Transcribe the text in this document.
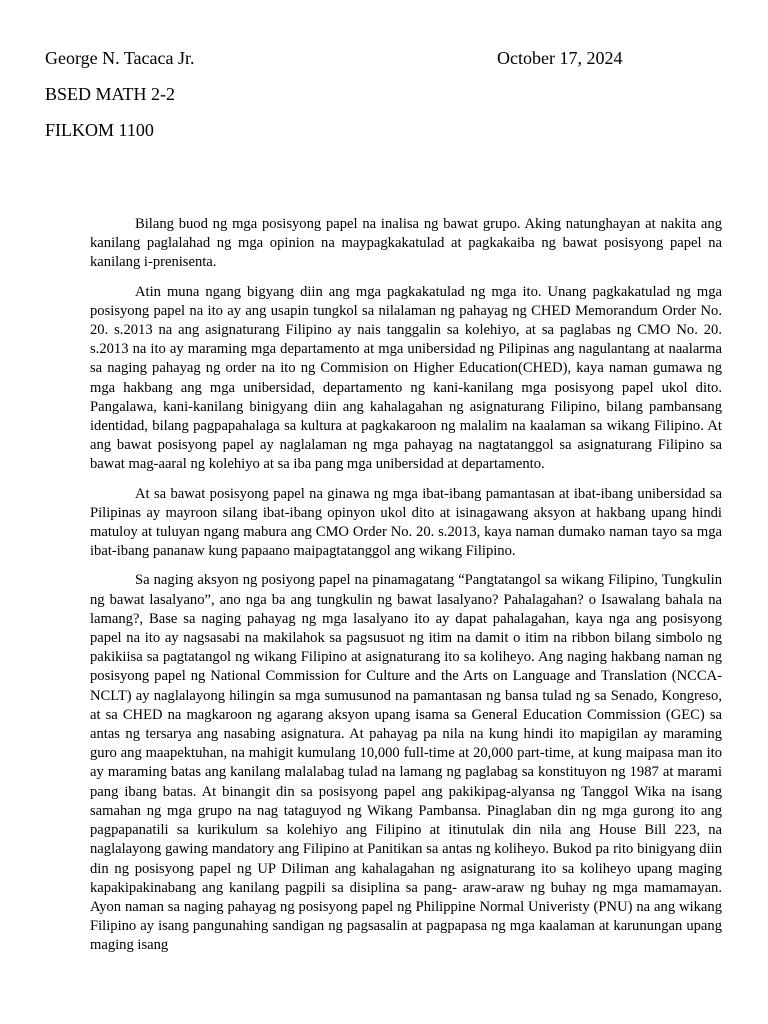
George N. Tacaca Jr.	October 17, 2024
BSED MATH 2-2
FILKOM 1100

Bilang buod ng mga posisyong papel na inalisa ng bawat grupo. Aking natunghayan at nakita ang kanilang paglalahad ng mga opinion na maypagkakatulad at pagkakaiba ng bawat posisyong papel na kanilang i-prenisenta.

Atin muna ngang bigyang diin ang mga pagkakatulad ng mga ito. Unang pagkakatulad ng mga posisyong papel na ito ay ang usapin tungkol sa nilalaman ng pahayag ng CHED Memorandum Order No. 20. s.2013 na ang asignaturang Filipino ay nais tanggalin sa kolehiyo, at sa paglabas ng CMO No. 20. s.2013 na ito ay maraming mga departamento at mga unibersidad ng Pilipinas ang nagulantang at naalarma sa naging pahayag ng order na ito ng Commision on Higher Education(CHED), kaya naman gumawa ng mga hakbang ang mga unibersidad, departamento ng kani-kanilang mga posisyong papel ukol dito. Pangalawa, kani-kanilang binigyang diin ang kahalagahan ng asignaturang Filipino, bilang pambansang identidad, bilang pagpapahalaga sa kultura at pagkakaroon ng malalim na kaalaman sa wikang Filipino. At ang bawat posisyong papel ay naglalaman ng mga pahayag na nagtatanggol sa asignaturang Filipino sa bawat mag-aaral ng kolehiyo at sa iba pang mga unibersidad at departamento.

At sa bawat posisyong papel na ginawa ng mga ibat-ibang pamantasan at ibat-ibang unibersidad sa Pilipinas ay mayroon silang ibat-ibang opinyon ukol dito at isinagawang aksyon at hakbang upang hindi matuloy at tuluyan ngang mabura ang CMO Order No. 20. s.2013, kaya naman dumako naman tayo sa mga ibat-ibang pananaw kung papaano maipagtatanggol ang wikang Filipino.

Sa naging aksyon ng posiyong papel na pinamagatang “Pangtatangol sa wikang Filipino, Tungkulin ng bawat lasalyano”, ano nga ba ang tungkulin ng bawat lasalyano? Pahalagahan? o Isawalang bahala na lamang?, Base sa naging pahayag ng mga lasalyano ito ay dapat pahalagahan, kaya nga ang posisyong papel na ito ay nagsasabi na makilahok sa pagsusuot ng itim na damit o itim na ribbon bilang simbolo ng pakikiisa sa pagtatangol ng wikang Filipino at asignaturang ito sa koliheyo. Ang naging hakbang naman ng posisyong papel ng National Commission for Culture and the Arts on Language and Translation (NCCA-NCLT) ay naglalayong hilingin sa mga sumusunod na pamantasan ng bansa tulad ng sa Senado, Kongreso, at sa CHED na magkaroon ng agarang aksyon upang isama sa General Education Commission (GEC) sa antas ng tersarya ang nasabing asignatura. At pahayag pa nila na kung hindi ito mapigilan ay maraming guro ang maapektuhan, na mahigit kumulang 10,000 full-time at 20,000 part-time, at kung maipasa man ito ay maraming batas ang kanilang malalabag tulad na lamang ng paglabag sa konstituyon ng 1987 at marami pang ibang batas. At binangit din sa posisyong papel ang pakikipag-alyansa ng Tanggol Wika na isang samahan ng mga grupo na nag tataguyod ng Wikang Pambansa. Pinaglaban din ng mga gurong ito ang pagpapanatili sa kurikulum sa kolehiyo ang Filipino at itinutulak din nila ang House Bill 223, na naglalayong gawing mandatory ang Filipino at Panitikan sa antas ng koliheyo. Bukod pa rito binigyang diin din ng posisyong papel ng UP Diliman ang kahalagahan ng asignaturang ito sa koliheyo upang maging kapakipakinabang ang kanilang pagpili sa disiplina sa pang- araw-araw ng buhay ng mga mamamayan. Ayon naman sa naging pahayag ng posisyong papel ng Philippine Normal Univeristy (PNU) na ang wikang Filipino ay isang pangunahing sandigan ng pagsasalin at pagpapasa ng mga kaalaman at karunungan upang maging isang
